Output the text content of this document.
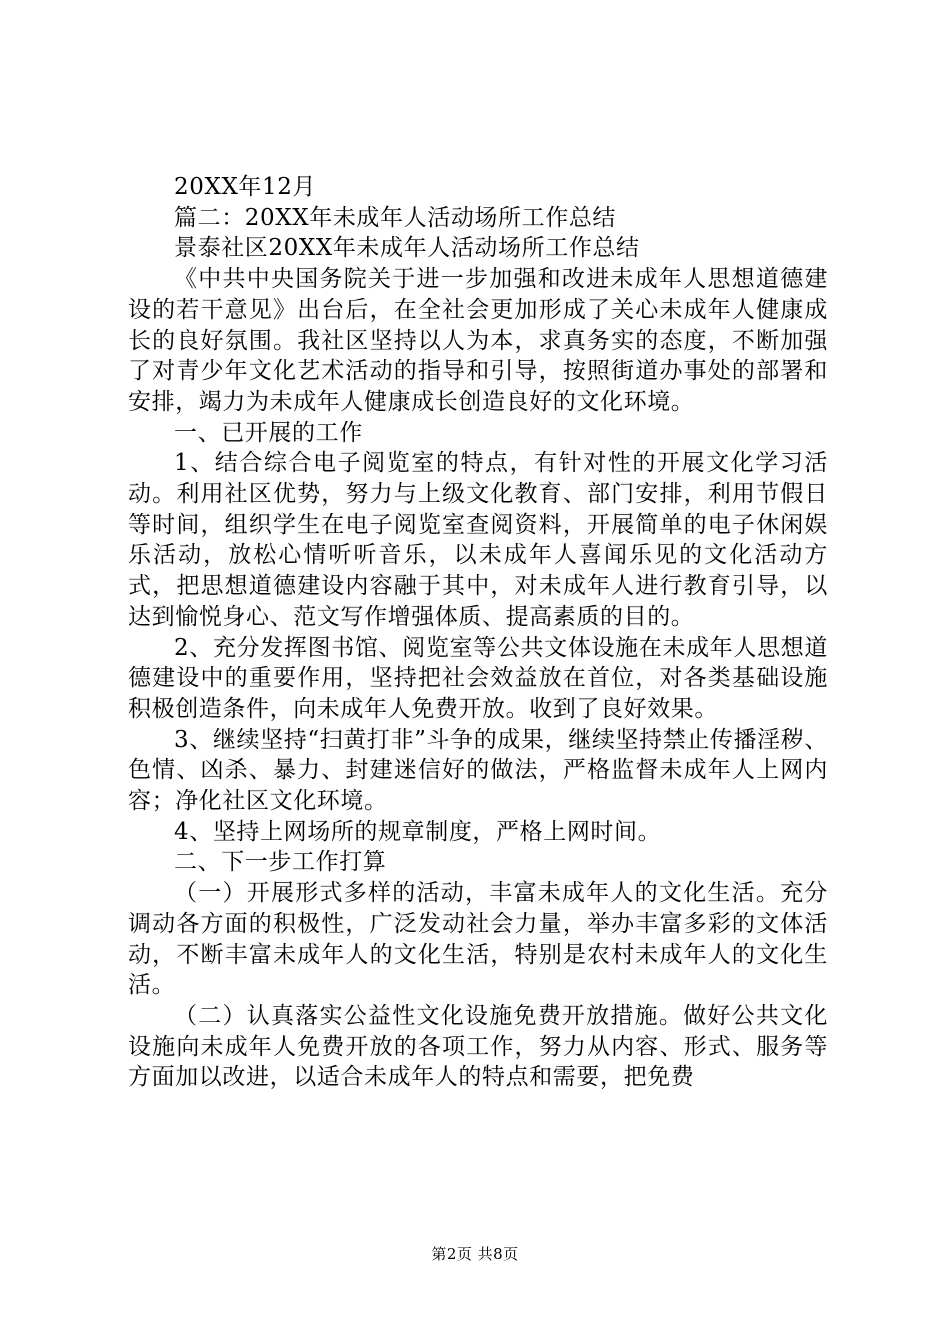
20XX年12月

篇二：20XX年未成年人活动场所工作总结

景泰社区20XX年未成年人活动场所工作总结

《中共中央国务院关于进一步加强和改进未成年人思想道德建设的若干意见》出台后，在全社会更加形成了关心未成年人健康成长的良好氛围。我社区坚持以人为本，求真务实的态度，不断加强了对青少年文化艺术活动的指导和引导，按照街道办事处的部署和安排，竭力为未成年人健康成长创造良好的文化环境。

一、已开展的工作

1、结合综合电子阅览室的特点，有针对性的开展文化学习活动。利用社区优势，努力与上级文化教育、部门安排，利用节假日等时间，组织学生在电子阅览室查阅资料，开展简单的电子休闲娱乐活动，放松心情听听音乐，以未成年人喜闻乐见的文化活动方式，把思想道德建设内容融于其中，对未成年人进行教育引导，以达到愉悦身心、范文写作增强体质、提高素质的目的。

2、充分发挥图书馆、阅览室等公共文体设施在未成年人思想道德建设中的重要作用，坚持把社会效益放在首位，对各类基础设施积极创造条件，向未成年人免费开放。收到了良好效果。

3、继续坚持“扫黄打非”斗争的成果，继续坚持禁止传播淫秽、色情、凶杀、暴力、封建迷信好的做法，严格监督未成年人上网内容；净化社区文化环境。

4、坚持上网场所的规章制度，严格上网时间。

二、下一步工作打算

（一）开展形式多样的活动，丰富未成年人的文化生活。充分调动各方面的积极性，广泛发动社会力量，举办丰富多彩的文体活动，不断丰富未成年人的文化生活，特别是农村未成年人的文化生活。

（二）认真落实公益性文化设施免费开放措施。做好公共文化设施向未成年人免费开放的各项工作，努力从内容、形式、服务等方面加以改进，以适合未成年人的特点和需要，把免费

第2页 共8页
